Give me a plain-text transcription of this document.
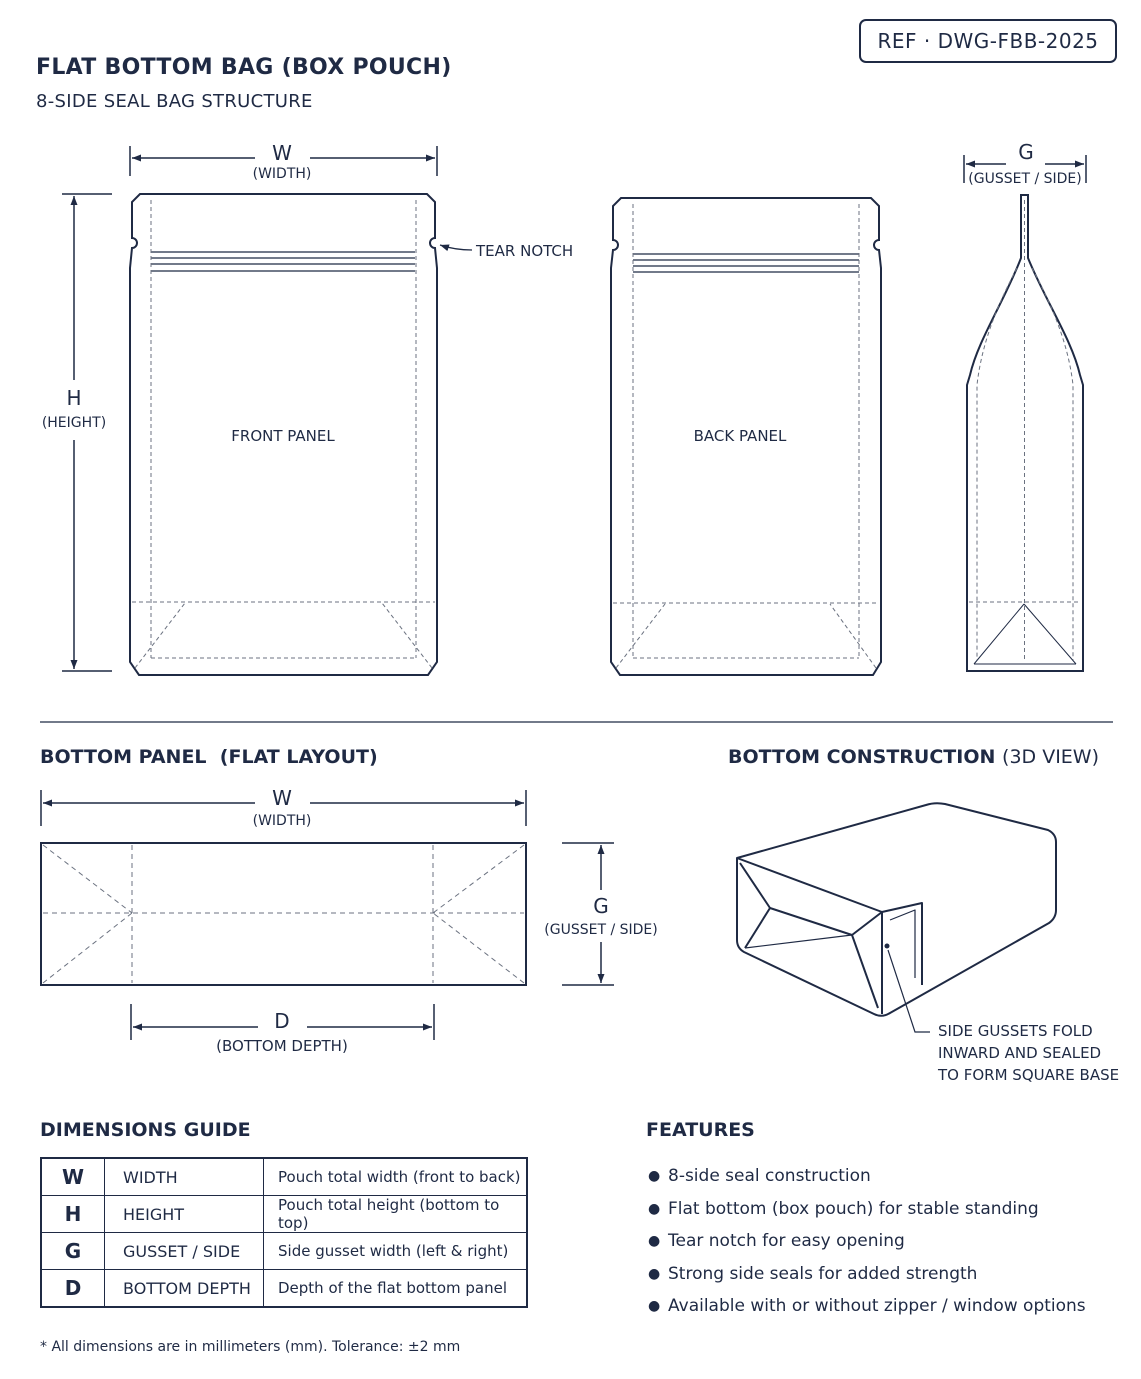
W
(WIDTH)
H
(HEIGHT)
FRONT PANEL
TEAR NOTCH
BACK PANEL
G
(GUSSET / SIDE)
W
(WIDTH)
G
(GUSSET / SIDE)
D
(BOTTOM DEPTH)
SIDE GUSSETS FOLD
INWARD AND SEALED
TO FORM SQUARE BASE
FLAT BOTTOM BAG (BOX POUCH)
8-SIDE SEAL BAG STRUCTURE
REF · DWG-FBB-2025
BOTTOM PANEL (FLAT LAYOUT)	BOTTOM CONSTRUCTION (3D VIEW)
DIMENSIONS GUIDE	FEATURES
W	WIDTH	Pouch total width (front to back)
H	HEIGHT	Pouch total height (bottom to top)
G	GUSSET / SIDE	Side gusset width (left & right)
D	BOTTOM DEPTH	Depth of the flat bottom panel
● 8-side seal construction
● Flat bottom (box pouch) for stable standing
● Tear notch for easy opening
● Strong side seals for added strength
● Available with or without zipper / window options
* All dimensions are in millimeters (mm). Tolerance: ±2 mm
